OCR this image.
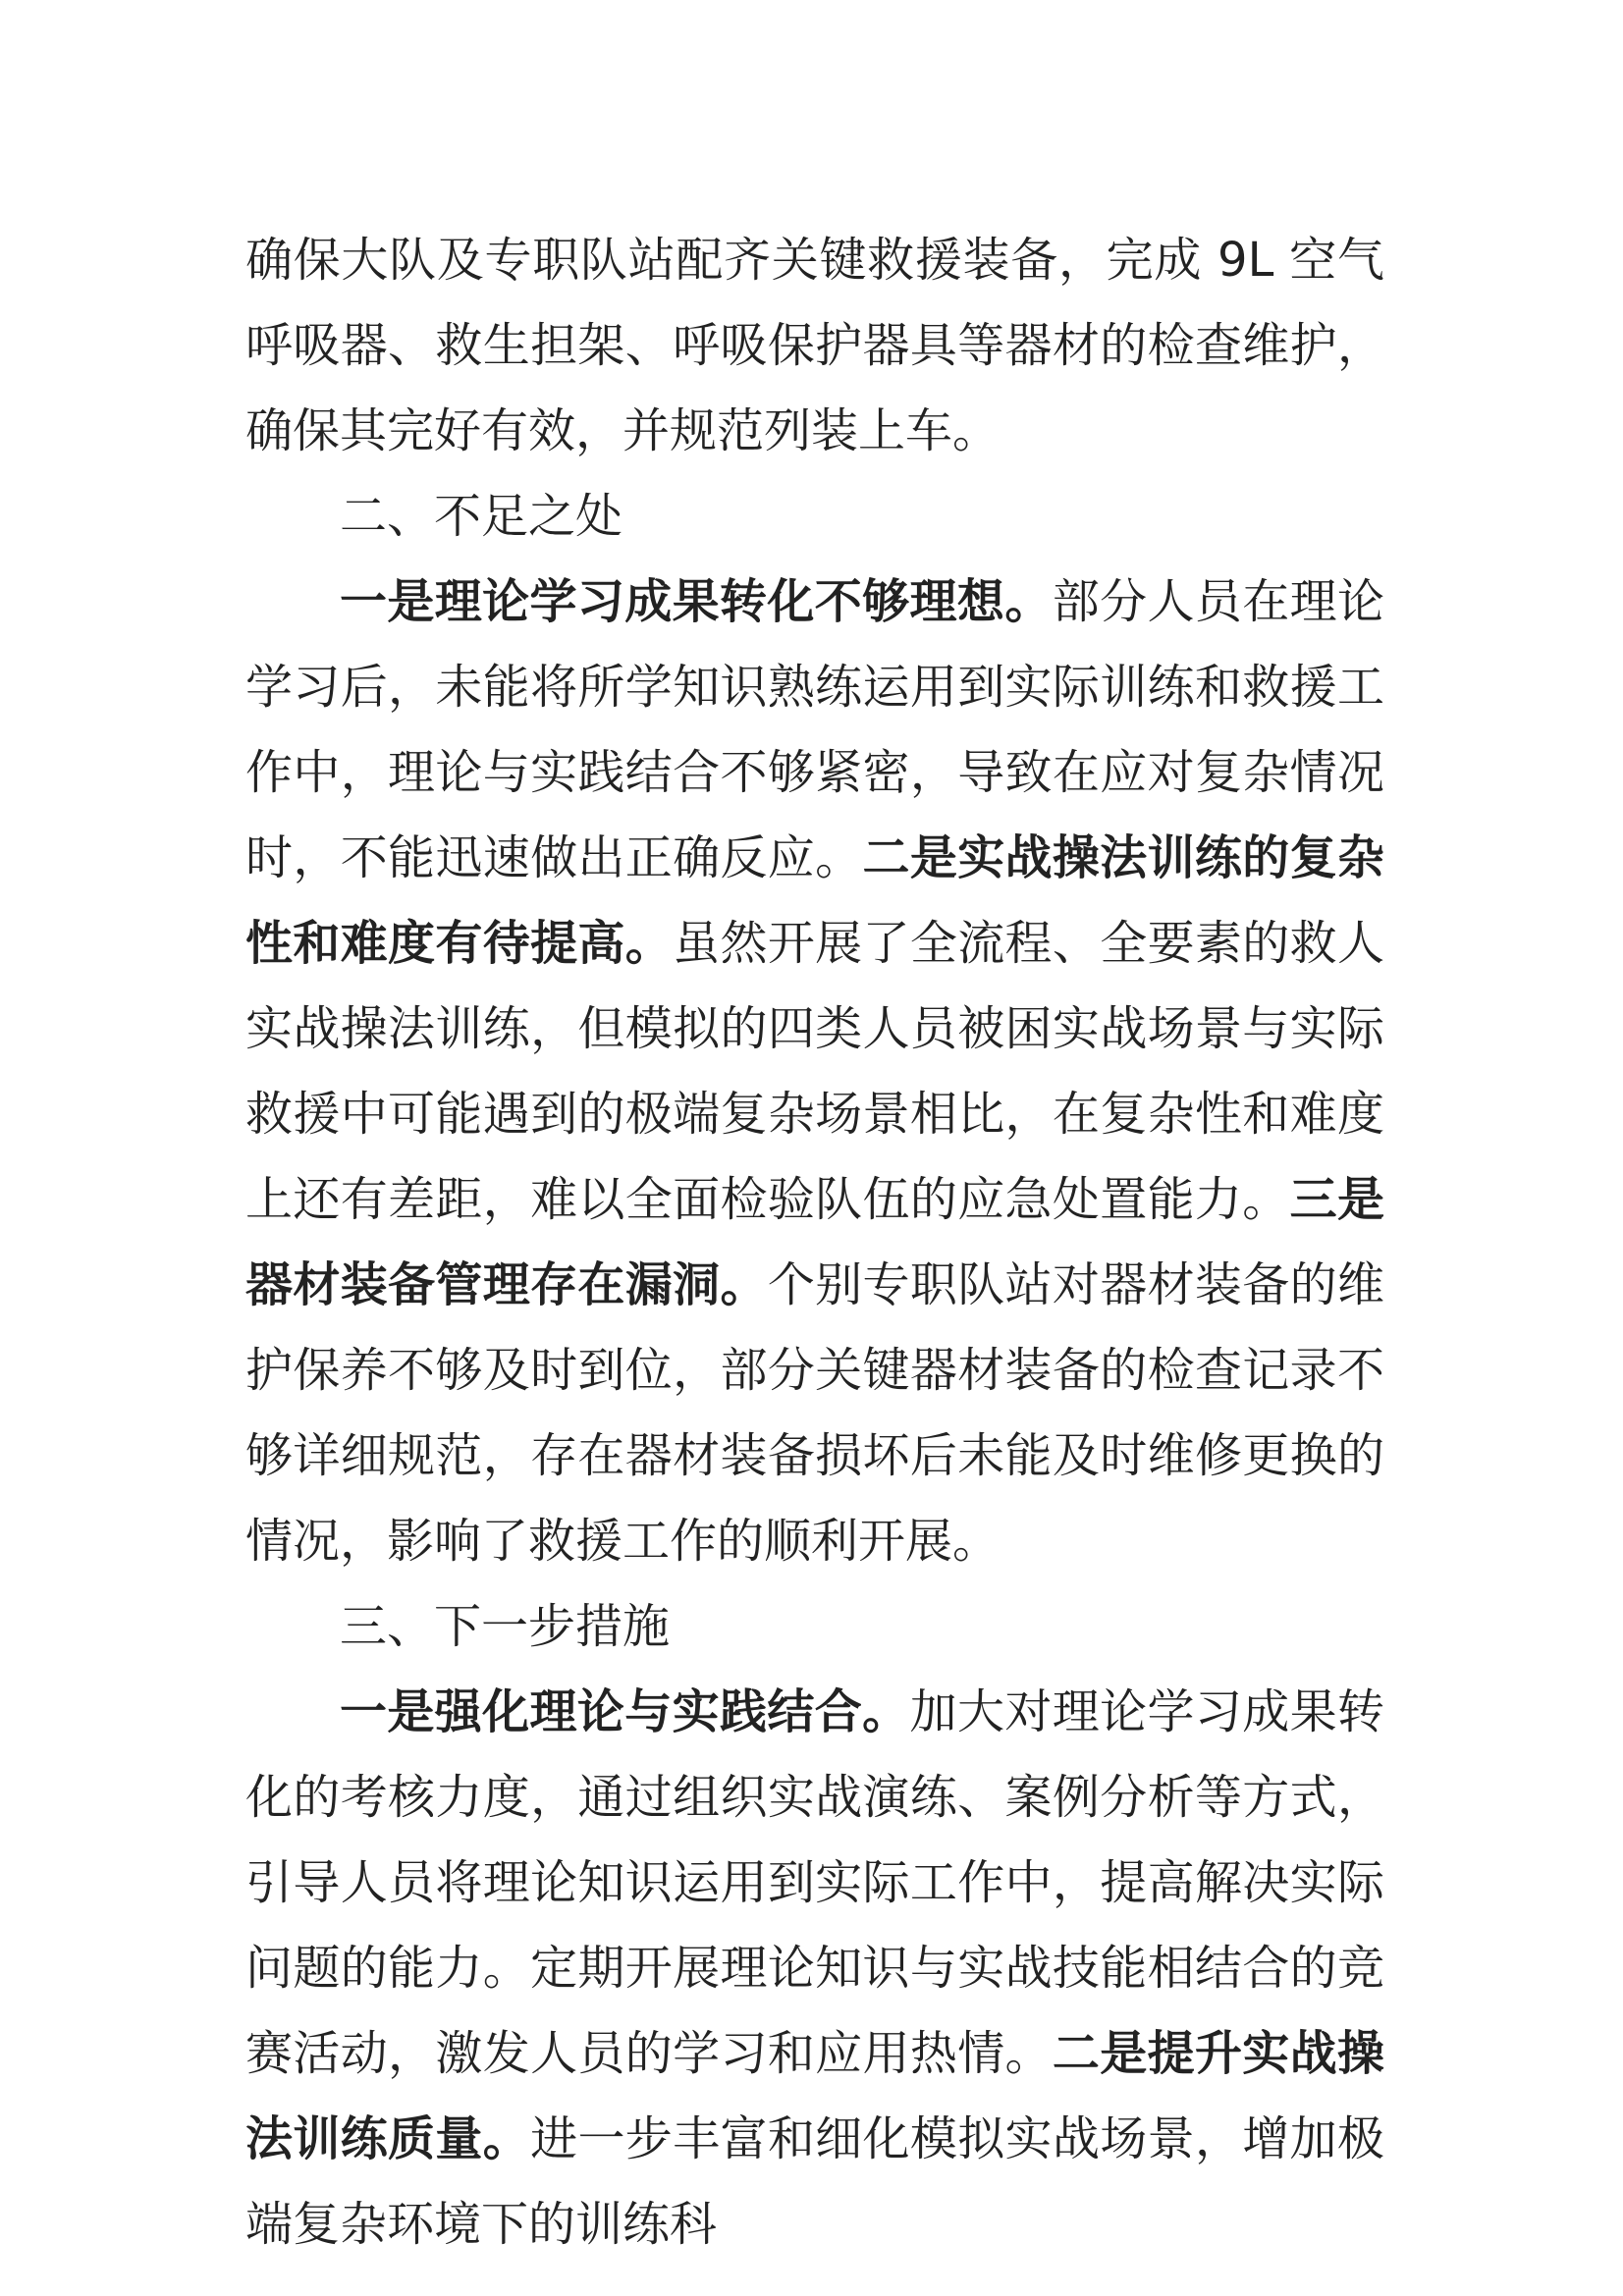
确保大队及专职队站配齐关键救援装备，完成 9L 空气呼吸器、救生担架、呼吸保护器具等器材的检查维护，确保其完好有效，并规范列装上车。

二、不足之处

一是理论学习成果转化不够理想。部分人员在理论学习后，未能将所学知识熟练运用到实际训练和救援工作中，理论与实践结合不够紧密，导致在应对复杂情况时，不能迅速做出正确反应。二是实战操法训练的复杂性和难度有待提高。虽然开展了全流程、全要素的救人实战操法训练，但模拟的四类人员被困实战场景与实际救援中可能遇到的极端复杂场景相比，在复杂性和难度上还有差距，难以全面检验队伍的应急处置能力。三是器材装备管理存在漏洞。个别专职队站对器材装备的维护保养不够及时到位，部分关键器材装备的检查记录不够详细规范，存在器材装备损坏后未能及时维修更换的情况，影响了救援工作的顺利开展。

三、下一步措施

一是强化理论与实践结合。加大对理论学习成果转化的考核力度，通过组织实战演练、案例分析等方式，引导人员将理论知识运用到实际工作中，提高解决实际问题的能力。定期开展理论知识与实战技能相结合的竞赛活动，激发人员的学习和应用热情。二是提升实战操法训练质量。进一步丰富和细化模拟实战场景，增加极端复杂环境下的训练科
